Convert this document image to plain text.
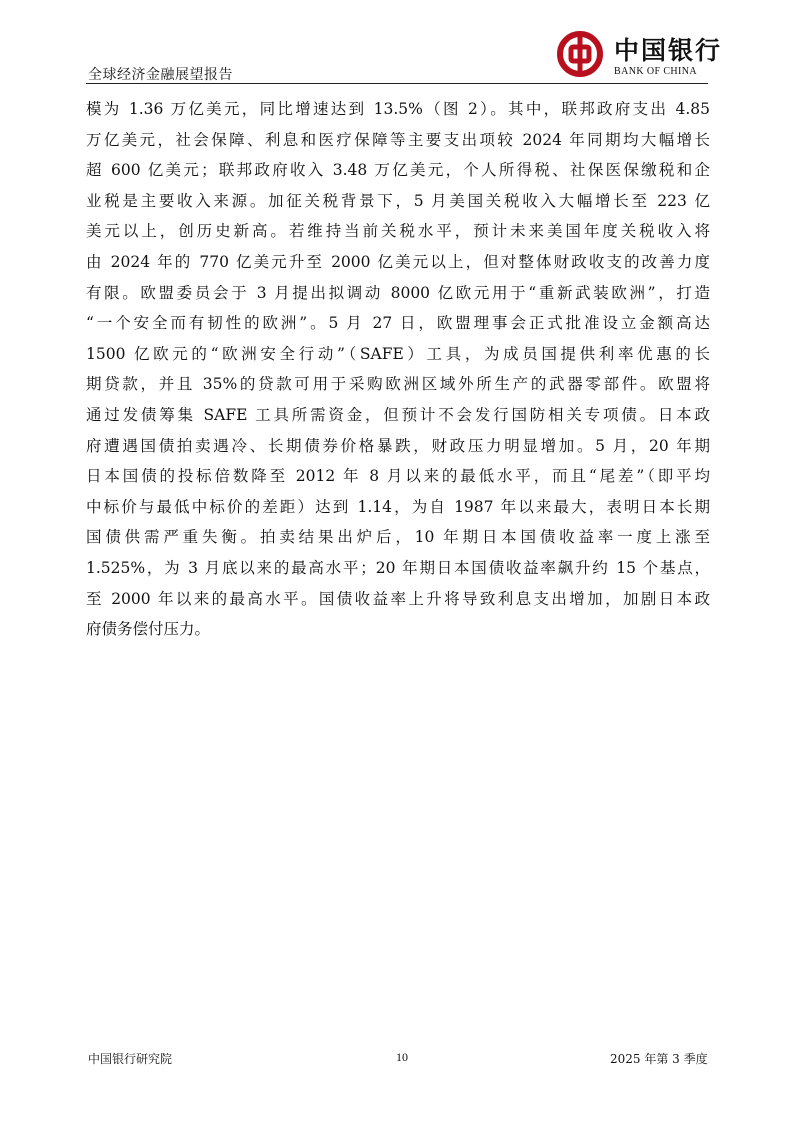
中国银行
BANK OF CHINA
全球经济金融展望报告
模为 1.36 万亿美元，同比增速达到 13.5%（图 2）。其中，联邦政府支出 4.85
万亿美元，社会保障、利息和医疗保障等主要支出项较 2024 年同期均大幅增长
超 600 亿美元；联邦政府收入 3.48 万亿美元，个人所得税、社保医保缴税和企
业税是主要收入来源。加征关税背景下，5 月美国关税收入大幅增长至 223 亿
美元以上，创历史新高。若维持当前关税水平，预计未来美国年度关税收入将
由 2024 年的 770 亿美元升至 2000 亿美元以上，但对整体财政收支的改善力度
有限。欧盟委员会于 3 月提出拟调动 8000 亿欧元用于“重新武装欧洲”，打造
“一个安全而有韧性的欧洲”。5 月 27 日，欧盟理事会正式批准设立金额高达
1500 亿欧元的“欧洲安全行动”（SAFE）工具，为成员国提供利率优惠的长
期贷款，并且 35%的贷款可用于采购欧洲区域外所生产的武器零部件。欧盟将
通过发债筹集 SAFE 工具所需资金，但预计不会发行国防相关专项债。日本政
府遭遇国债拍卖遇冷、长期债券价格暴跌，财政压力明显增加。5 月，20 年期
日本国债的投标倍数降至 2012 年 8 月以来的最低水平，而且“尾差”（即平均
中标价与最低中标价的差距）达到 1.14，为自 1987 年以来最大，表明日本长期
国债供需严重失衡。拍卖结果出炉后，10 年期日本国债收益率一度上涨至
1.525%，为 3 月底以来的最高水平；20 年期日本国债收益率飙升约 15 个基点，
至 2000 年以来的最高水平。国债收益率上升将导致利息支出增加，加剧日本政
府债务偿付压力。
中国银行研究院	10	2025 年第 3 季度
